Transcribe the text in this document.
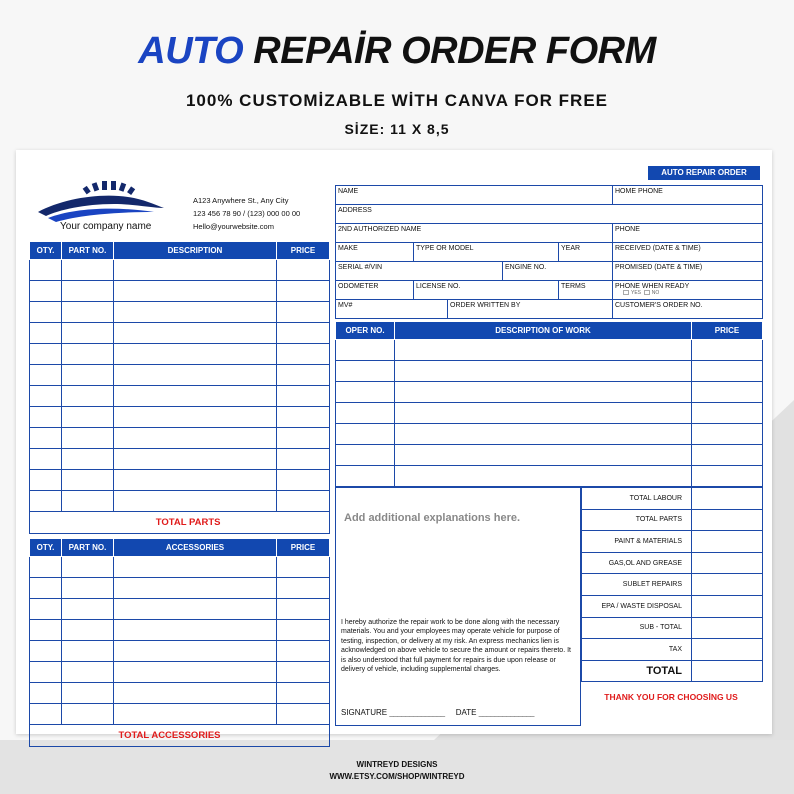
AUTO REPAİR ORDER FORM
100% CUSTOMİZABLE WİTH CANVA FOR FREE
SİZE: 11 X 8,5
Your company name
A123 Anywhere St., Any City
123 456 78 90 / (123) 000 00 00
Hello@yourwebsite.com
OTY.	PART NO.	DESCRIPTION	PRICE

TOTAL PARTS			
OTY.	PART NO.	ACCESSORIES	PRICE

TOTAL ACCESSORIES			
AUTO REPAIR ORDER
NAME					HOME PHONE
ADDRESS					
2ND AUTHORIZED NAME					PHONE
MAKE	TYPE OR MODEL			YEAR	RECEIVED (DATE & TIME)
SERIAL #/VIN			ENGINE NO.		PROMISED (DATE & TIME)
ODOMETER	LICENSE NO.			TERMS	PHONE WHEN READY
YES NO

MV#		ORDER WRITTEN BY			CUSTOMER'S ORDER NO.
OPER NO.	DESCRIPTION OF WORK	PRICE

Add additional explanations here.
I hereby authorize the repair work to be done along with the necessary materials. You and your employees may operate vehicle for purpose of testing, inspection, or delivery at my risk. An express mechanics lien is acknowledged on above vehicle to secure the amount or repairs thereto. It is also understood that full payment for repairs is due upon release or delivery of vehicle, including supplemental charges.
SIGNATURE ______________ DATE ______________
TOTAL LABOUR	
TOTAL PARTS	
PAINT & MATERIALS	
GAS,OL AND GREASE	
SUBLET REPAIRS	
EPA / WASTE DISPOSAL	
SUB - TOTAL	
TAX	
TOTAL	
THANK YOU FOR CHOOSİNG US
WINTREYD DESIGNS
WWW.ETSY.COM/SHOP/WINTREYD
